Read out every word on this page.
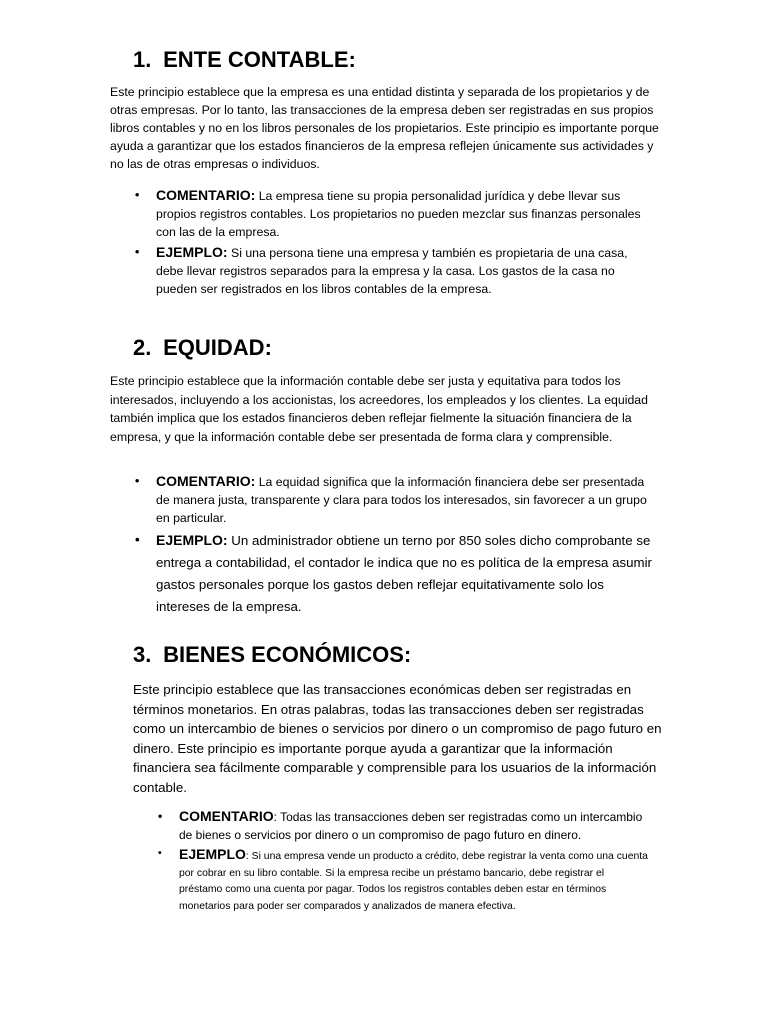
1. ENTE CONTABLE:

Este principio establece que la empresa es una entidad distinta y separada de los propietarios y de otras empresas. Por lo tanto, las transacciones de la empresa deben ser registradas en sus propios libros contables y no en los libros personales de los propietarios. Este principio es importante porque ayuda a garantizar que los estados financieros de la empresa reflejen únicamente sus actividades y no las de otras empresas o individuos.

• COMENTARIO: La empresa tiene su propia personalidad jurídica y debe llevar sus propios registros contables. Los propietarios no pueden mezclar sus finanzas personales con las de la empresa.
• EJEMPLO: Si una persona tiene una empresa y también es propietaria de una casa, debe llevar registros separados para la empresa y la casa. Los gastos de la casa no pueden ser registrados en los libros contables de la empresa.
2. EQUIDAD:

Este principio establece que la información contable debe ser justa y equitativa para todos los interesados, incluyendo a los accionistas, los acreedores, los empleados y los clientes. La equidad también implica que los estados financieros deben reflejar fielmente la situación financiera de la empresa, y que la información contable debe ser presentada de forma clara y comprensible.

• COMENTARIO: La equidad significa que la información financiera debe ser presentada de manera justa, transparente y clara para todos los interesados, sin favorecer a un grupo en particular.
• EJEMPLO: Un administrador obtiene un terno por 850 soles dicho comprobante se entrega a contabilidad, el contador le indica que no es política de la empresa asumir gastos personales porque los gastos deben reflejar equitativamente solo los intereses de la empresa.
3. BIENES ECONÓMICOS:

Este principio establece que las transacciones económicas deben ser registradas en términos monetarios. En otras palabras, todas las transacciones deben ser registradas como un intercambio de bienes o servicios por dinero o un compromiso de pago futuro en dinero. Este principio es importante porque ayuda a garantizar que la información financiera sea fácilmente comparable y comprensible para los usuarios de la información contable.

• COMENTARIO: Todas las transacciones deben ser registradas como un intercambio de bienes o servicios por dinero o un compromiso de pago futuro en dinero.
• EJEMPLO: Si una empresa vende un producto a crédito, debe registrar la venta como una cuenta por cobrar en su libro contable. Si la empresa recibe un préstamo bancario, debe registrar el préstamo como una cuenta por pagar. Todos los registros contables deben estar en términos monetarios para poder ser comparados y analizados de manera efectiva.
